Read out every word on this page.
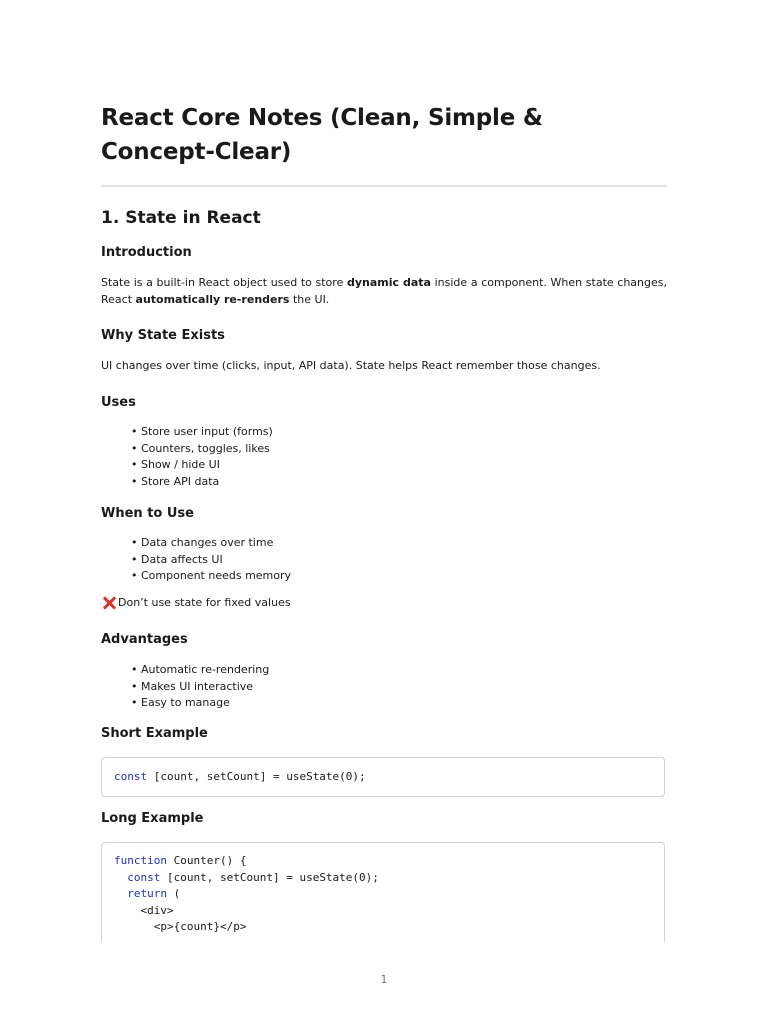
React Core Notes (Clean, Simple & Concept-Clear)
1. State in React
Introduction

State is a built-in React object used to store dynamic data inside a component. When state changes, React automatically re-renders the UI.

Why State Exists

UI changes over time (clicks, input, API data). State helps React remember those changes.

Uses
• Store user input (forms)
• Counters, toggles, likes
• Show / hide UI
• Store API data
When to Use
• Data changes over time
• Data affects UI
• Component needs memory
Don’t use state for fixed values
Advantages
• Automatic re-rendering
• Makes UI interactive
• Easy to manage
Short Example
const [count, setCount] = useState(0);
Long Example
function Counter() {
const [count, setCount] = useState(0);
return (
<div>
<p>{count}</p>
1
